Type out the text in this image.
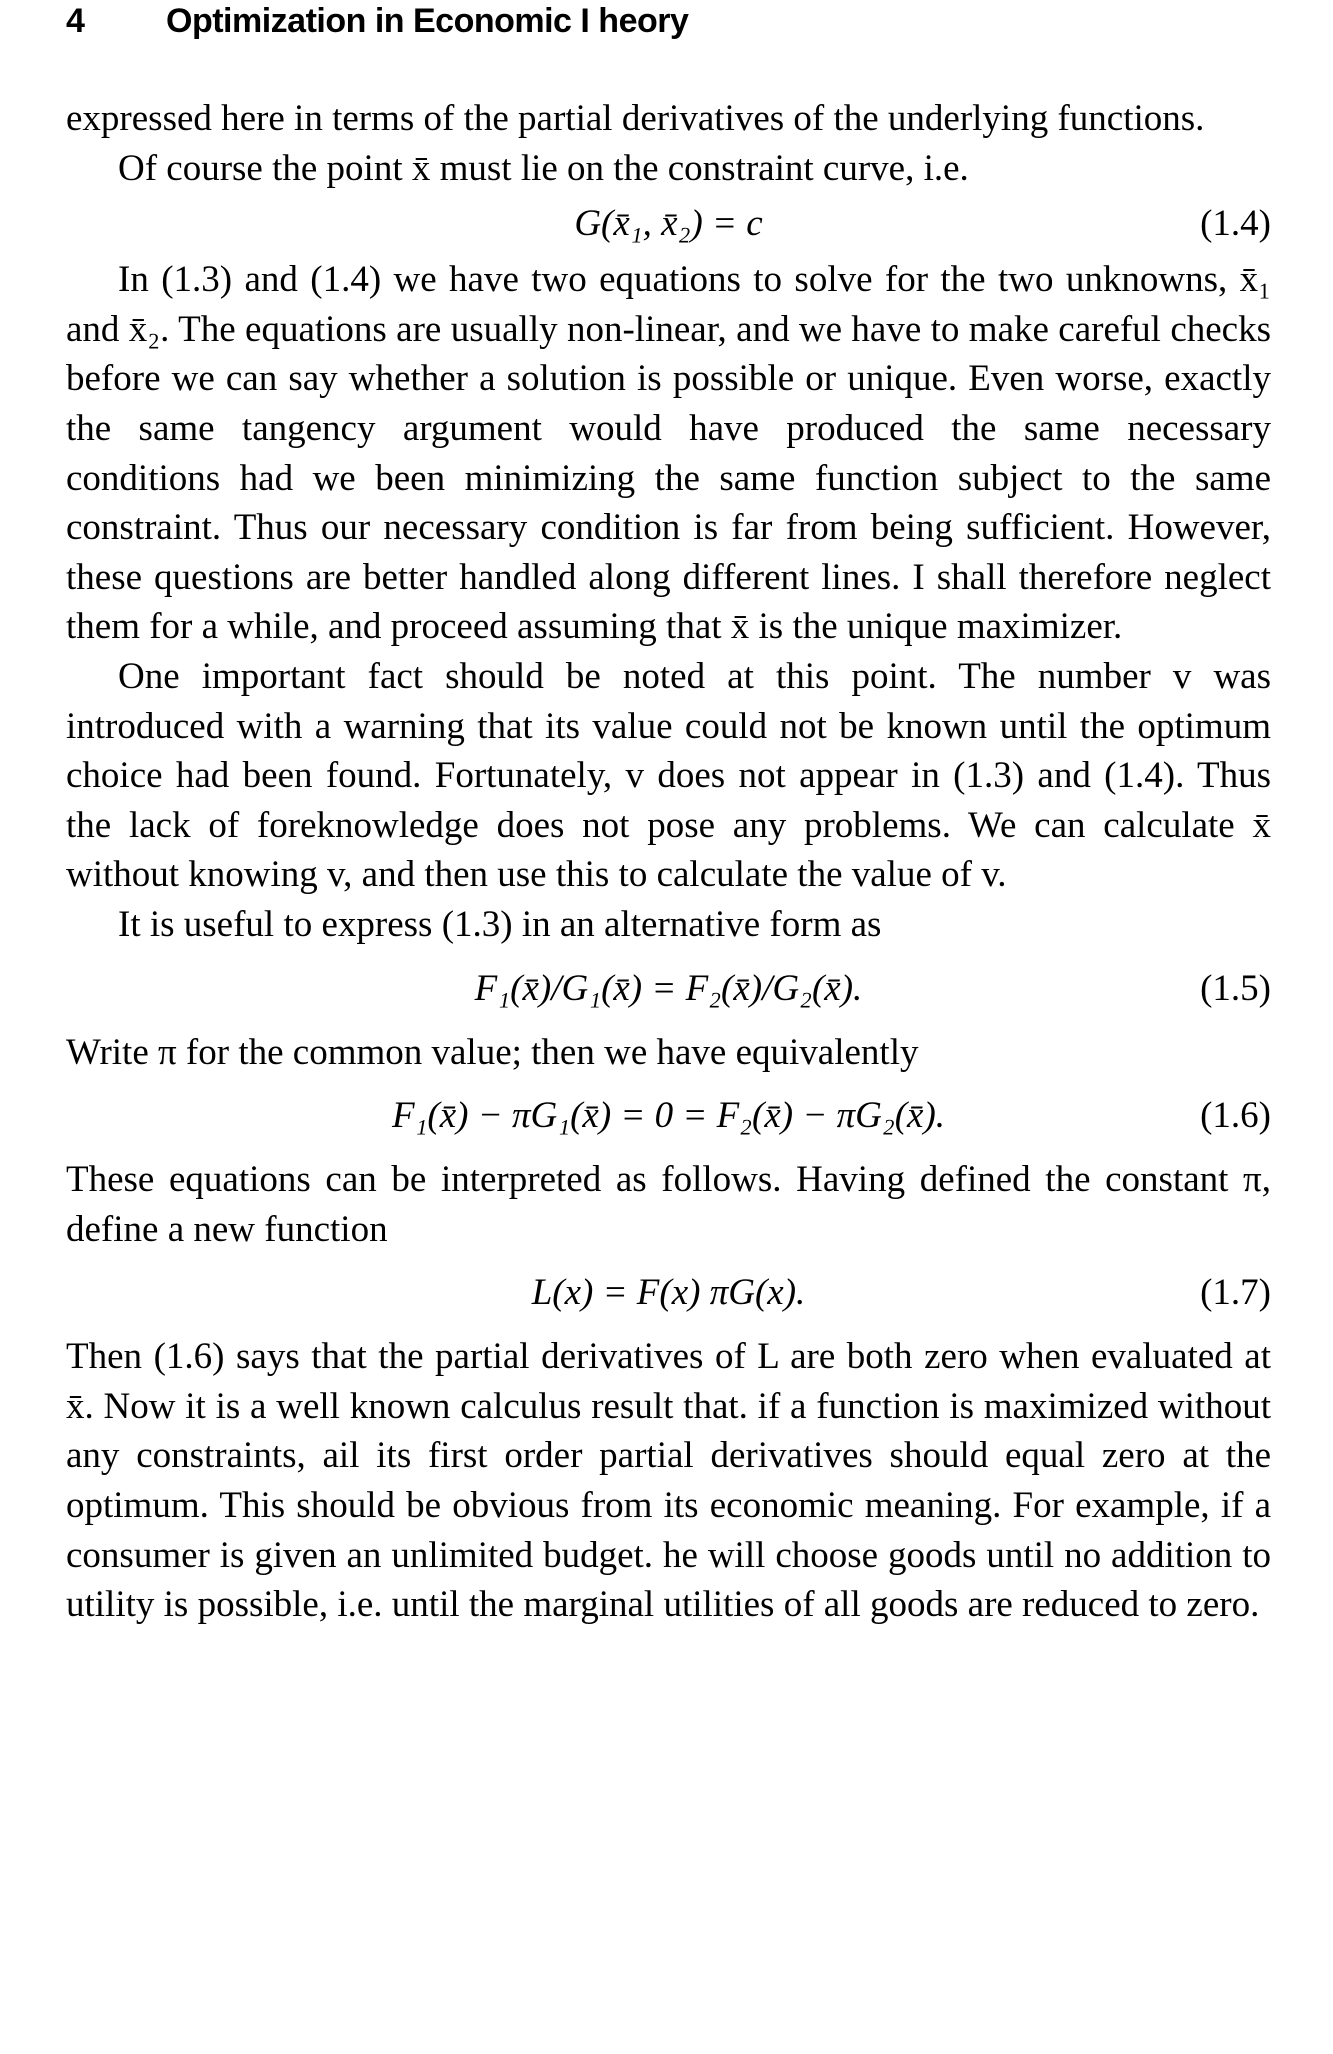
4 Optimization in Economic I heory

expressed here in terms of the partial derivatives of the underlying functions.

Of course the point x̄ must lie on the constraint curve, i.e.

G(x̄₁, x̄₂) = c	(1.4)

In (1.3) and (1.4) we have two equations to solve for the two unknowns, x̄₁ and x̄₂. The equations are usually non-linear, and we have to make careful checks before we can say whether a solution is possible or unique. Even worse, exactly the same tangency argument would have produced the same necessary conditions had we been minimizing the same function subject to the same constraint. Thus our necessary condition is far from being sufficient. However, these questions are better handled along different lines. I shall therefore neglect them for a while, and proceed assuming that x̄ is the unique maximizer.

One important fact should be noted at this point. The number v was introduced with a warning that its value could not be known until the optimum choice had been found. Fortunately, v does not appear in (1.3) and (1.4). Thus the lack of foreknowledge does not pose any problems. We can calculate x̄ without knowing v, and then use this to calculate the value of v.

It is useful to express (1.3) in an alternative form as

F₁(x̄)/G₁(x̄) = F₂(x̄)/G₂(x̄).	(1.5)

Write π for the common value; then we have equivalently

F₁(x̄) − πG₁(x̄) = 0 = F₂(x̄) − πG₂(x̄).	(1.6)

These equations can be interpreted as follows. Having defined the constant π, define a new function

L(x) = F(x) πG(x).	(1.7)

Then (1.6) says that the partial derivatives of L are both zero when evaluated at x̄. Now it is a well known calculus result that. if a function is maximized without any constraints, ail its first order partial derivatives should equal zero at the optimum. This should be obvious from its economic meaning. For example, if a consumer is given an unlimited budget. he will choose goods until no addition to utility is possible, i.e. until the marginal utilities of all goods are reduced to zero.
